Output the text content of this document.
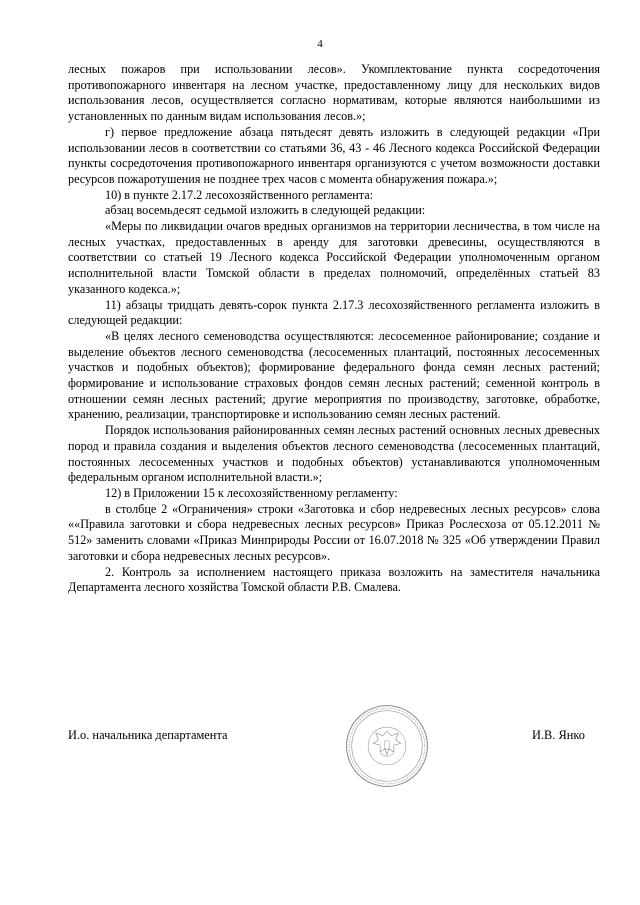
4

лесных пожаров при использовании лесов». Укомплектование пункта сосредоточения противопожарного инвентаря на лесном участке, предоставленному лицу для нескольких видов использования лесов, осуществляется согласно нормативам, которые являются наибольшими из установленных по данным видам использования лесов.»;

г) первое предложение абзаца пятьдесят девять изложить в следующей редакции «При использовании лесов в соответствии со статьями 36, 43 - 46 Лесного кодекса Российской Федерации пункты сосредоточения противопожарного инвентаря организуются с учетом возможности доставки ресурсов пожаротушения не позднее трех часов с момента обнаружения пожара.»;

10) в пункте 2.17.2 лесохозяйственного регламента:

абзац восемьдесят седьмой изложить в следующей редакции:

«Меры по ликвидации очагов вредных организмов на территории лесничества, в том числе на лесных участках, предоставленных в аренду для заготовки древесины, осуществляются в соответствии со статьей 19 Лесного кодекса Российской Федерации уполномоченным органом исполнительной власти Томской области в пределах полномочий, определённых статьей 83 указанного кодекса.»;

11) абзацы тридцать девять-сорок пункта 2.17.3 лесохозяйственного регламента изложить в следующей редакции:

«В целях лесного семеноводства осуществляются: лесосеменное районирование; создание и выделение объектов лесного семеноводства (лесосеменных плантаций, постоянных лесосеменных участков и подобных объектов); формирование федерального фонда семян лесных растений; формирование и использование страховых фондов семян лесных растений; семенной контроль в отношении семян лесных растений; другие мероприятия по производству, заготовке, обработке, хранению, реализации, транспортировке и использованию семян лесных растений.

Порядок использования районированных семян лесных растений основных лесных древесных пород и правила создания и выделения объектов лесного семеноводства (лесосеменных плантаций, постоянных лесосеменных участков и подобных объектов) устанавливаются уполномоченным федеральным органом исполнительной власти.»;

12) в Приложении 15 к лесохозяйственному регламенту:

в столбце 2 «Ограничения» строки «Заготовка и сбор недревесных лесных ресурсов» слова ««Правила заготовки и сбора недревесных лесных ресурсов» Приказ Рослесхоза от 05.12.2011 № 512» заменить словами «Приказ Минприроды России от 16.07.2018 № 325 «Об утверждении Правил заготовки и сбора недревесных лесных ресурсов».

2. Контроль за исполнением настоящего приказа возложить на заместителя начальника Департамента лесного хозяйства Томской области Р.В. Смалева.

И.о. начальника департамента	И.В. Янко
